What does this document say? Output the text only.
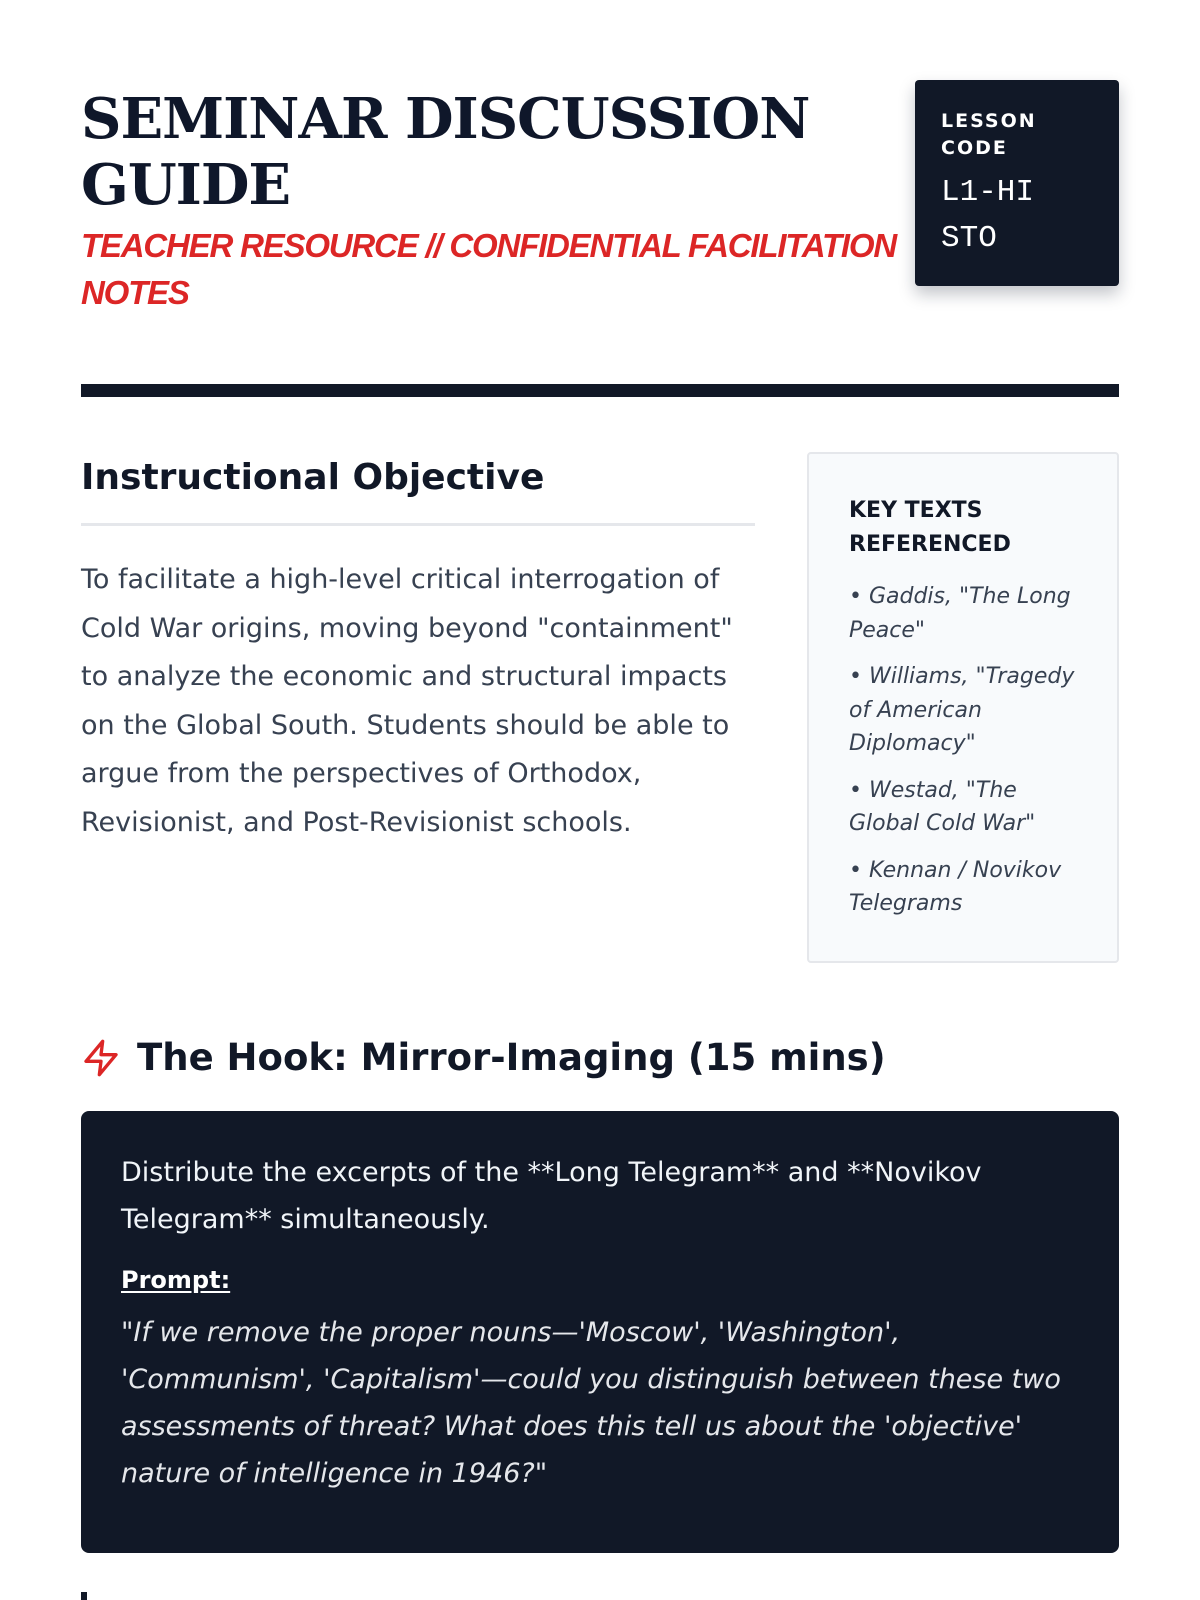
SEMINAR DISCUSSION GUIDE
TEACHER RESOURCE // CONFIDENTIAL FACILITATION NOTES
LESSON CODE
L1-HISTO
Instructional Objective

To facilitate a high-level critical interrogation of Cold War origins, moving beyond "containment" to analyze the economic and structural impacts on the Global South. Students should be able to argue from the perspectives of Orthodox, Revisionist, and Post-Revisionist schools.

KEY TEXTS REFERENCED
• Gaddis, "The Long Peace"
• Williams, "Tragedy of American Diplomacy"
• Westad, "The Global Cold War"
• Kennan / Novikov Telegrams
The Hook: Mirror-Imaging (15 mins)

Distribute the excerpts of the **Long Telegram** and **Novikov Telegram** simultaneously.

Prompt:

"If we remove the proper nouns—'Moscow', 'Washington', 'Communism', 'Capitalism'—could you distinguish between these two assessments of threat? What does this tell us about the 'objective' nature of intelligence in 1946?"
